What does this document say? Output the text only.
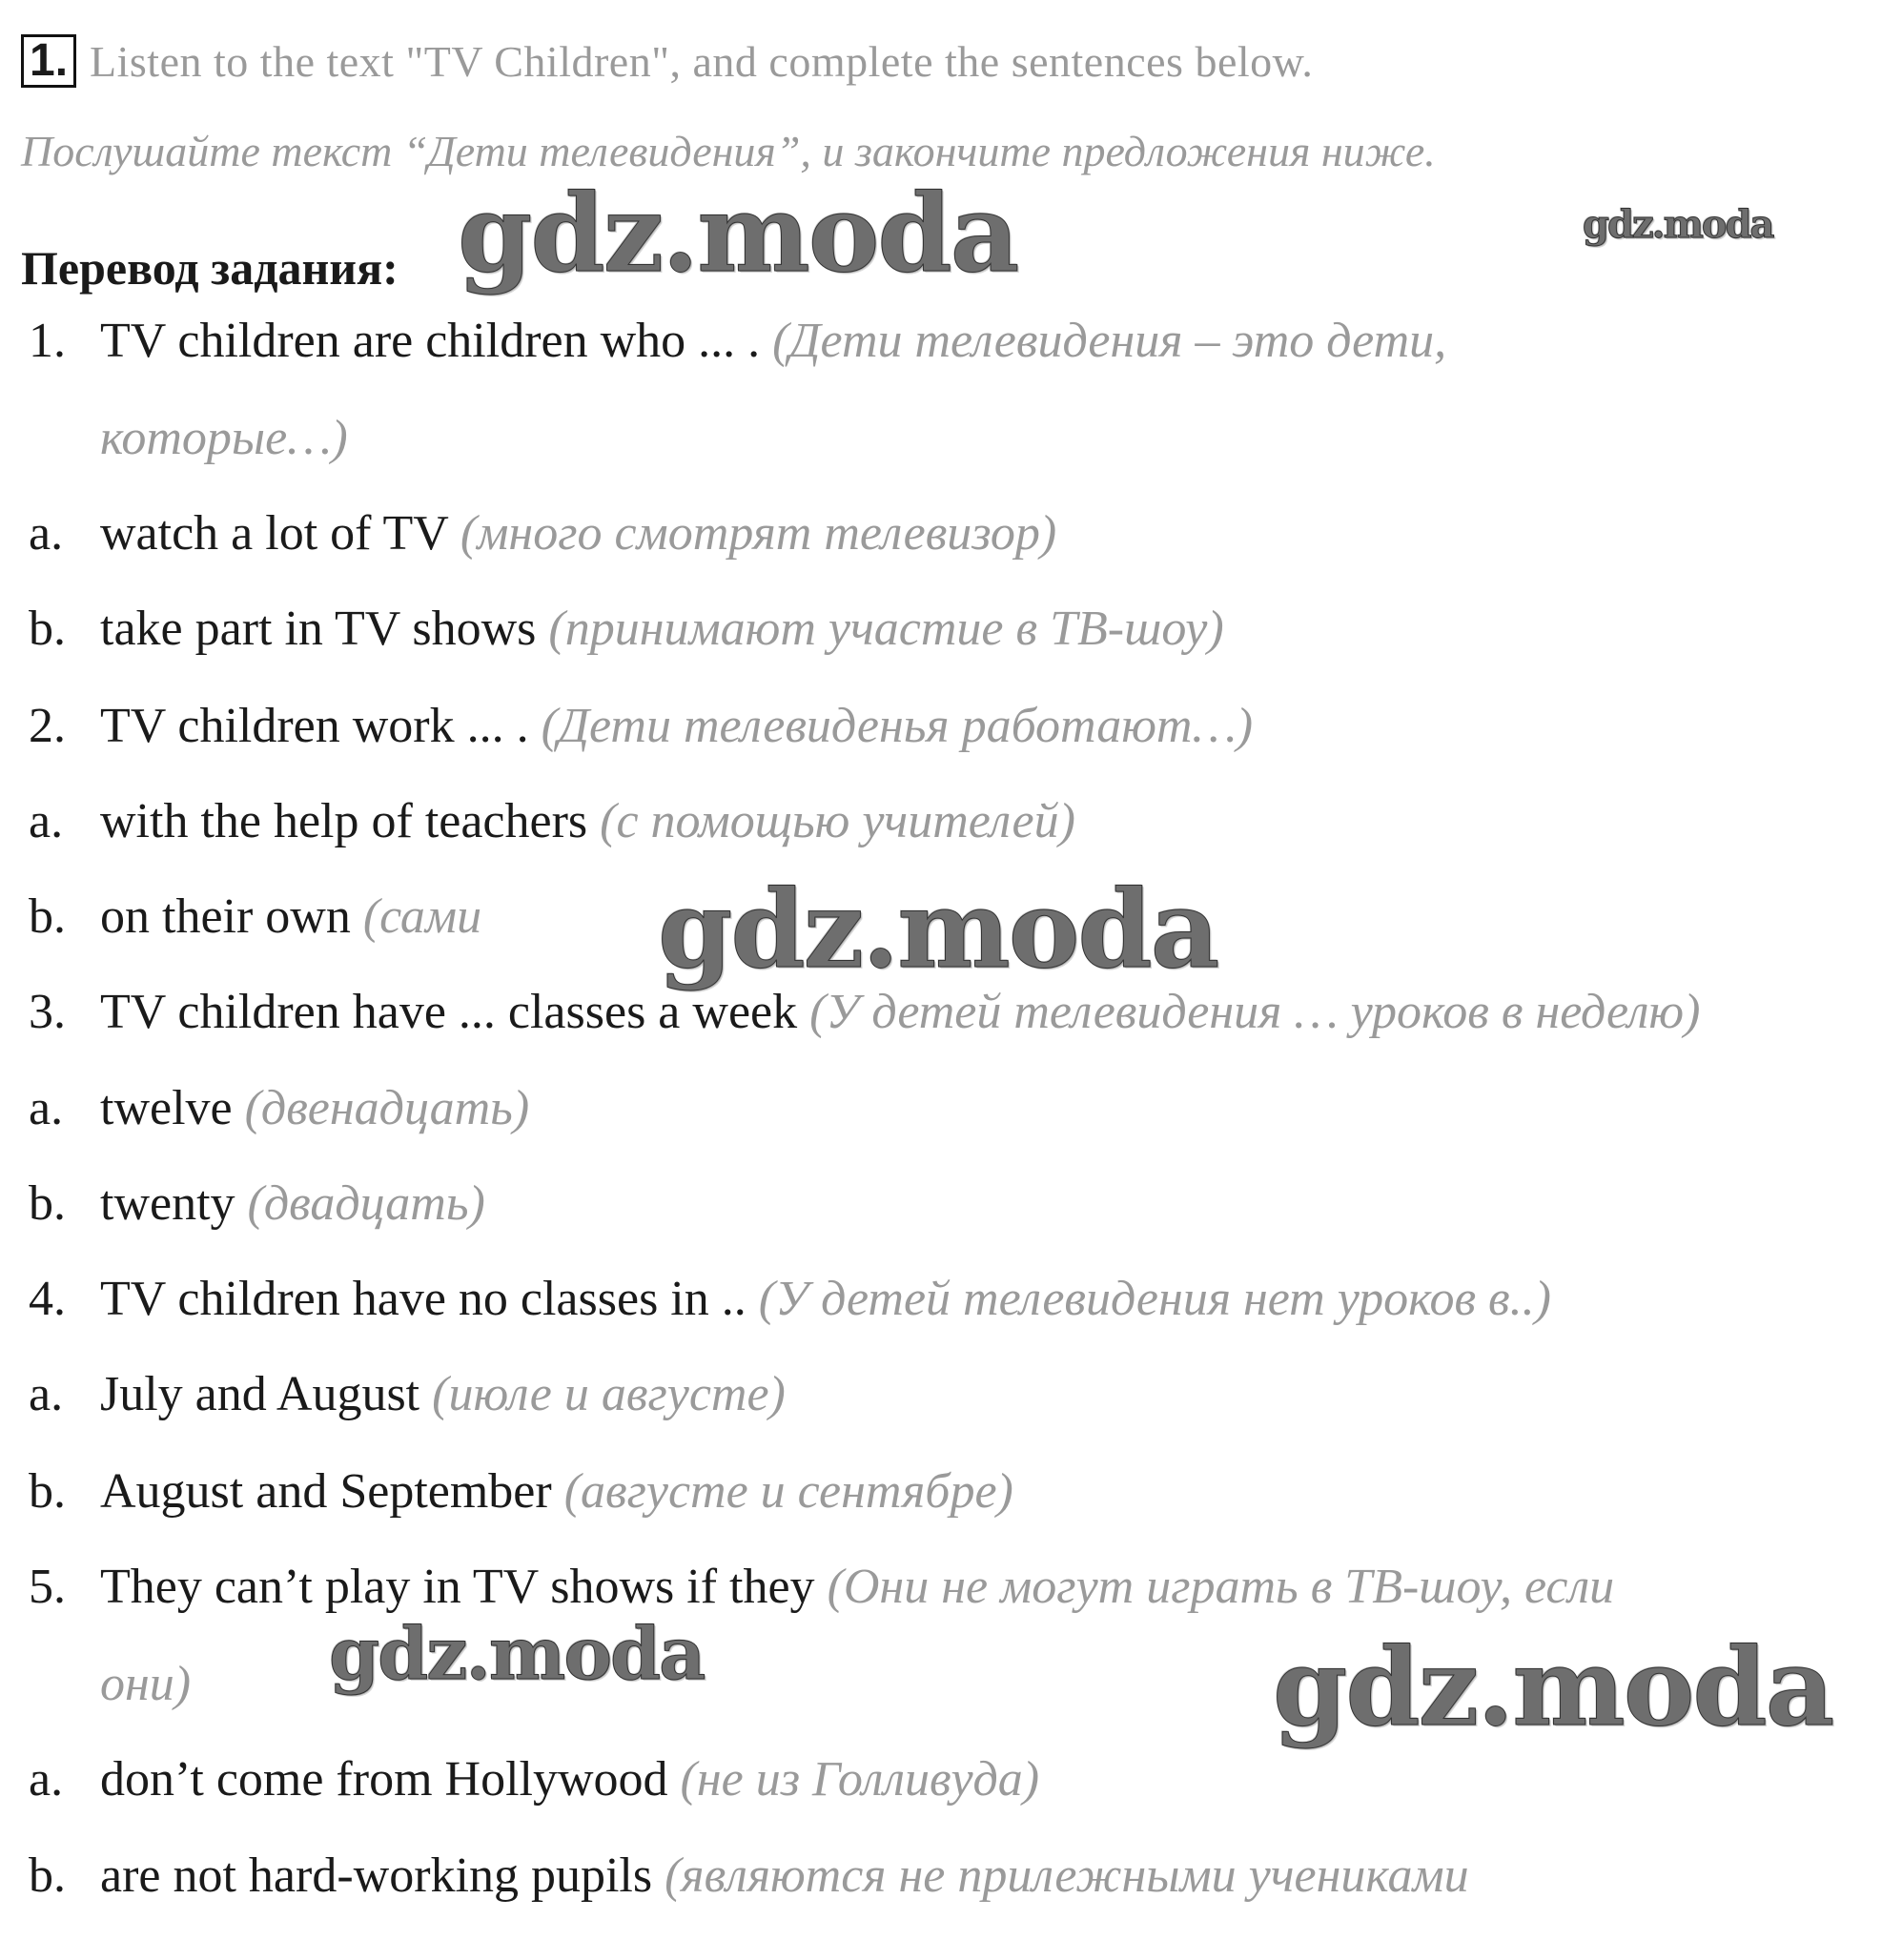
1. Listen to the text "TV Children", and complete the sentences below.
Послушайте текст “Дети телевидения”, и закончите предложения ниже.
Перевод задания:
1. TV children are children who ... . (Дети телевидения – это дети,
которые…)
a. watch a lot of TV (много смотрят телевизор)
b. take part in TV shows (принимают участие в ТВ-шоу)
2. TV children work ... . (Дети телевиденья работают…)
a. with the help of teachers (с помощью учителей)
b. on their own (сами
3. TV children have ... classes a week (У детей телевидения … уроков в неделю)
a. twelve (двенадцать)
b. twenty (двадцать)
4. TV children have no classes in .. (У детей телевидения нет уроков в..)
a. July and August (июле и августе)
b. August and September (августе и сентябре)
5. They can’t play in TV shows if they (Они не могут играть в ТВ-шоу, если
они)
a. don’t come from Hollywood (не из Голливуда)
b. are not hard-working pupils (являются не прилежными учениками
gdz.moda	gdz.moda
gdz.moda
gdz.moda	gdz.moda
